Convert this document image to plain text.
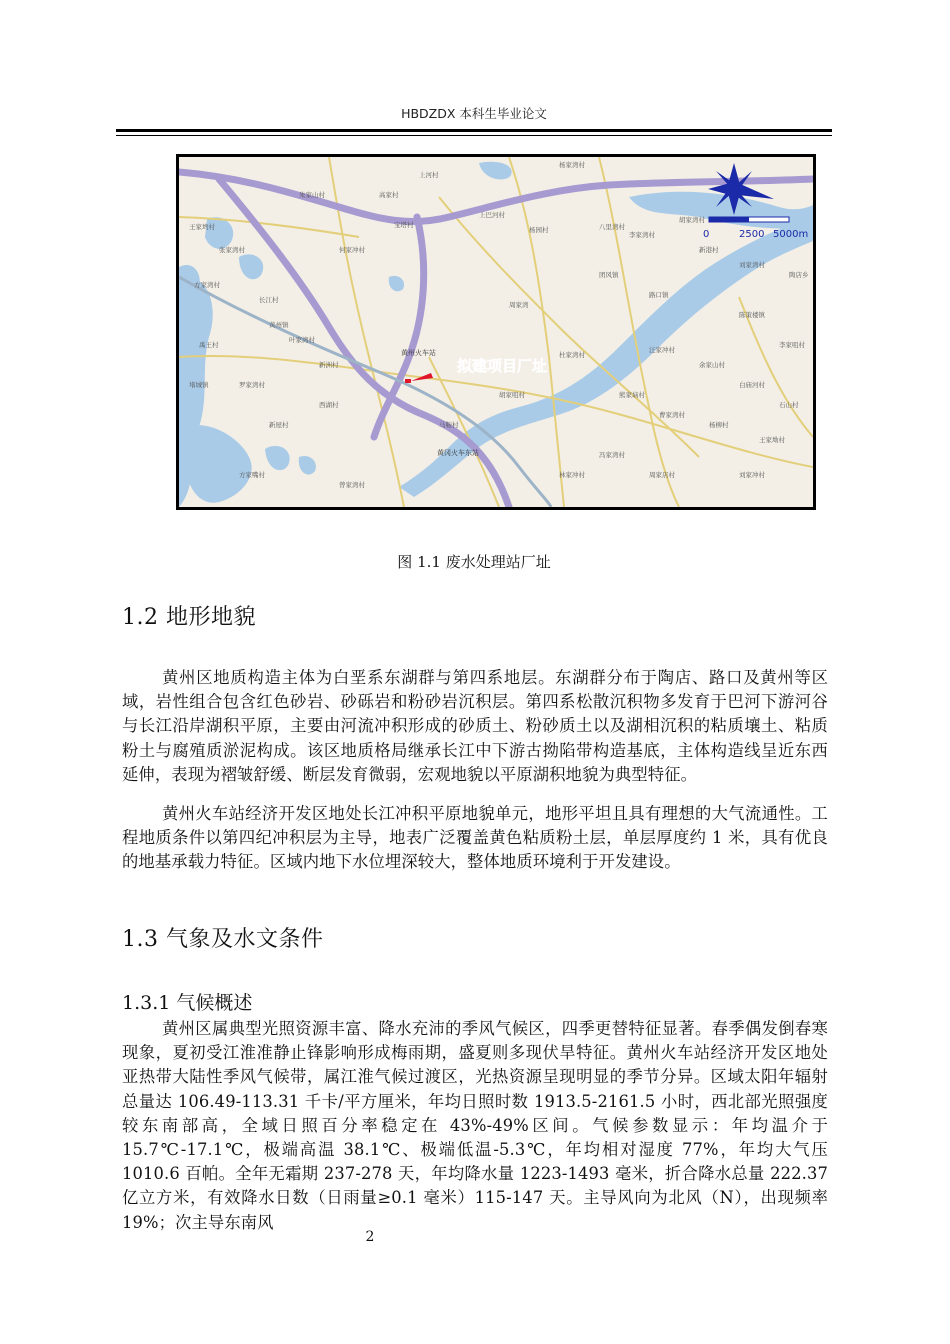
HBDZDX 本科生毕业论文
杨家湾村
高家村
上巴河村
宝塔村
杨园村
朱家山村
何家冲村
李家湾村
八里湾村
胡家湾村
新港村
刘家湾村
路口镇
陶店乡
王家塆村
张家湾村
方家湾村
长江村
黄州镇
禹王村
堵城镇
叶家湾村
新洲村
罗家湾村
陈策楼镇
李家咀村
团风镇
周家湾
杜家湾村
汪家冲村
余家山村
白庙河村
石山村
胡家咀村
马鞍村
熊家垴村
曹家湾村
杨柳村
王家坳村
冯家湾村
林家冲村	周家店村	刘家冲村
西湖村
新屋村
方家嘴村
曾家湾村
上河村
黄州火车站
黄冈火车东站
拟建项目厂址
0	2500 5000m
图 1.1 废水处理站厂址
1.2 地形地貌

黄州区地质构造主体为白垩系东湖群与第四系地层。东湖群分布于陶店、路口及黄州等区域，岩性组合包含红色砂岩、砂砾岩和粉砂岩沉积层。第四系松散沉积物多发育于巴河下游河谷与长江沿岸湖积平原，主要由河流冲积形成的砂质土、粉砂质土以及湖相沉积的粘质壤土、粘质粉土与腐殖质淤泥构成。该区地质格局继承长江中下游古拗陷带构造基底，主体构造线呈近东西延伸，表现为褶皱舒缓、断层发育微弱，宏观地貌以平原湖积地貌为典型特征。

黄州火车站经济开发区地处长江冲积平原地貌单元，地形平坦且具有理想的大气流通性。工程地质条件以第四纪冲积层为主导，地表广泛覆盖黄色粘质粉土层，单层厚度约 1 米，具有优良的地基承载力特征。区域内地下水位埋深较大，整体地质环境利于开发建设。

1.3 气象及水文条件
1.3.1 气候概述

黄州区属典型光照资源丰富、降水充沛的季风气候区，四季更替特征显著。春季偶发倒春寒现象，夏初受江淮准静止锋影响形成梅雨期，盛夏则多现伏旱特征。黄州火车站经济开发区地处亚热带大陆性季风气候带，属江淮气候过渡区，光热资源呈现明显的季节分异。区域太阳年辐射总量达 106.49-113.31 千卡/平方厘米，年均日照时数 1913.5-2161.5 小时，西北部光照强度较东南部高，全域日照百分率稳定在 43%-49%区间。气候参数显示：年均温介于 15.7℃-17.1℃，极端高温 38.1℃、极端低温-5.3℃，年均相对湿度 77%，年均大气压 1010.6 百帕。全年无霜期 237-278 天，年均降水量 1223-1493 毫米，折合降水总量 222.37 亿立方米，有效降水日数（日雨量≥0.1 毫米）115-147 天。主导风向为北风（N），出现频率 19%；次主导东南风

2
